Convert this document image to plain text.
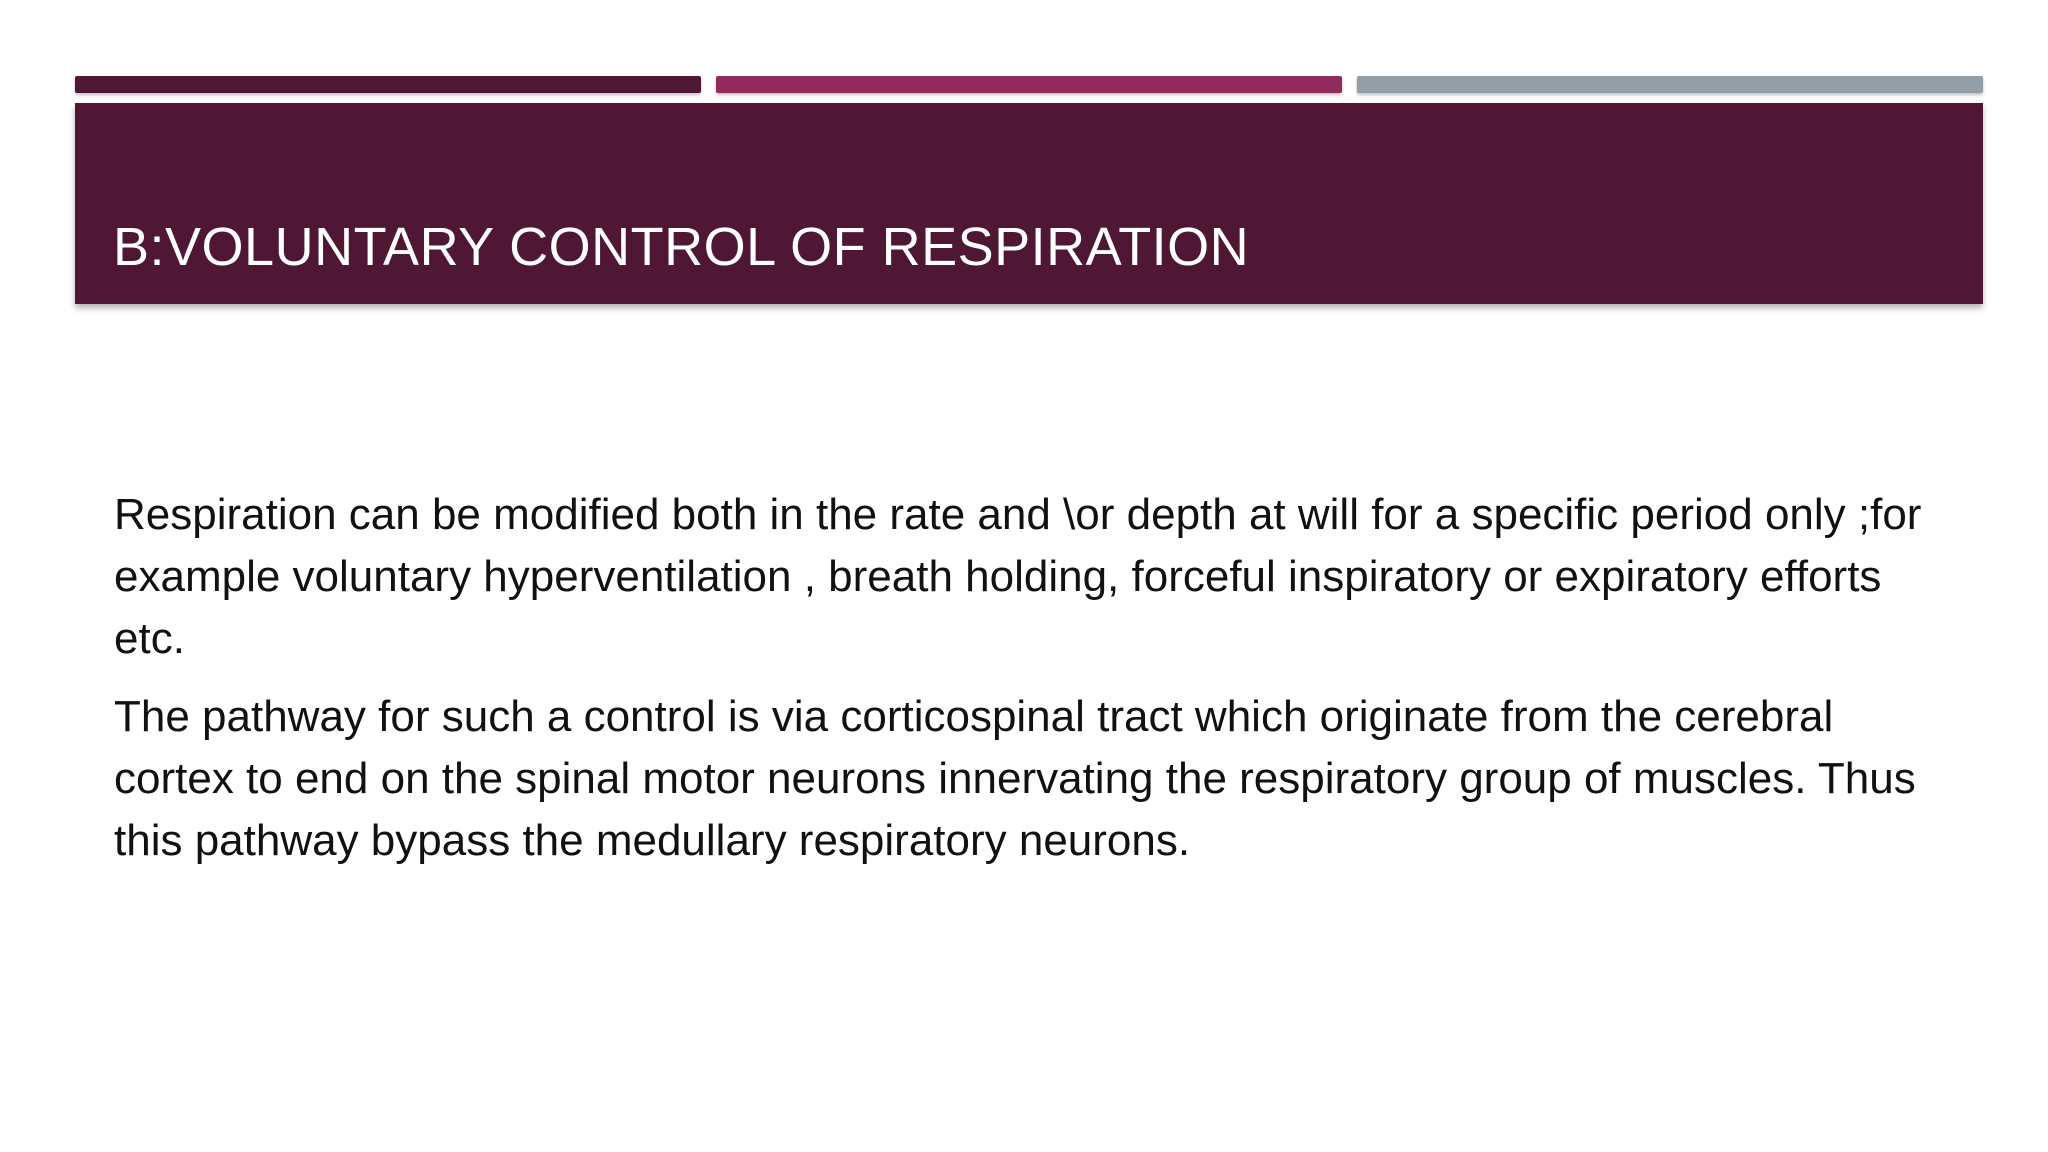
B:VOLUNTARY CONTROL OF RESPIRATION

Respiration can be modified both in the rate and \or depth at will for a specific period only ;for example voluntary hyperventilation , breath holding, forceful inspiratory or expiratory efforts etc.

The pathway for such a control is via corticospinal tract which originate from the cerebral cortex to end on the spinal motor neurons innervating the respiratory group of muscles. Thus this pathway bypass the medullary respiratory neurons.
